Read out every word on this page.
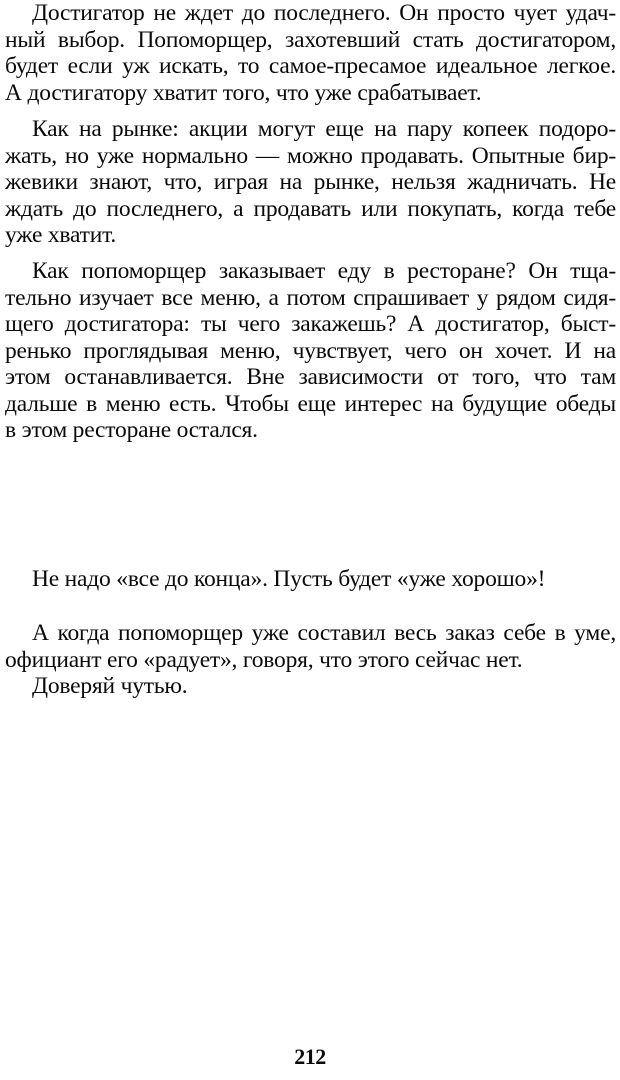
Достигатор не ждет до последнего. Он просто чует удач-
ный выбор. Попоморщер, захотевший стать достигатором,
будет если уж искать, то самое-пресамое идеальное легкое.
А достигатору хватит того, что уже срабатывает.

Как на рынке: акции могут еще на пару копеек подоро-
жать, но уже нормально — можно продавать. Опытные бир-
жевики знают, что, играя на рынке, нельзя жадничать. Не
ждать до последнего, а продавать или покупать, когда тебе
уже хватит.

Как попоморщер заказывает еду в ресторане? Он тща-
тельно изучает все меню, а потом спрашивает у рядом сидя-
щего достигатора: ты чего закажешь? А достигатор, быст-
ренько проглядывая меню, чувствует, чего он хочет. И на
этом останавливается. Вне зависимости от того, что там
дальше в меню есть. Чтобы еще интерес на будущие обеды
в этом ресторане остался.

Не надо «все до конца». Пусть будет «уже хорошо»!

А когда попоморщер уже составил весь заказ себе в уме,
официант его «радует», говоря, что этого сейчас нет.

Доверяй чутью.

212
